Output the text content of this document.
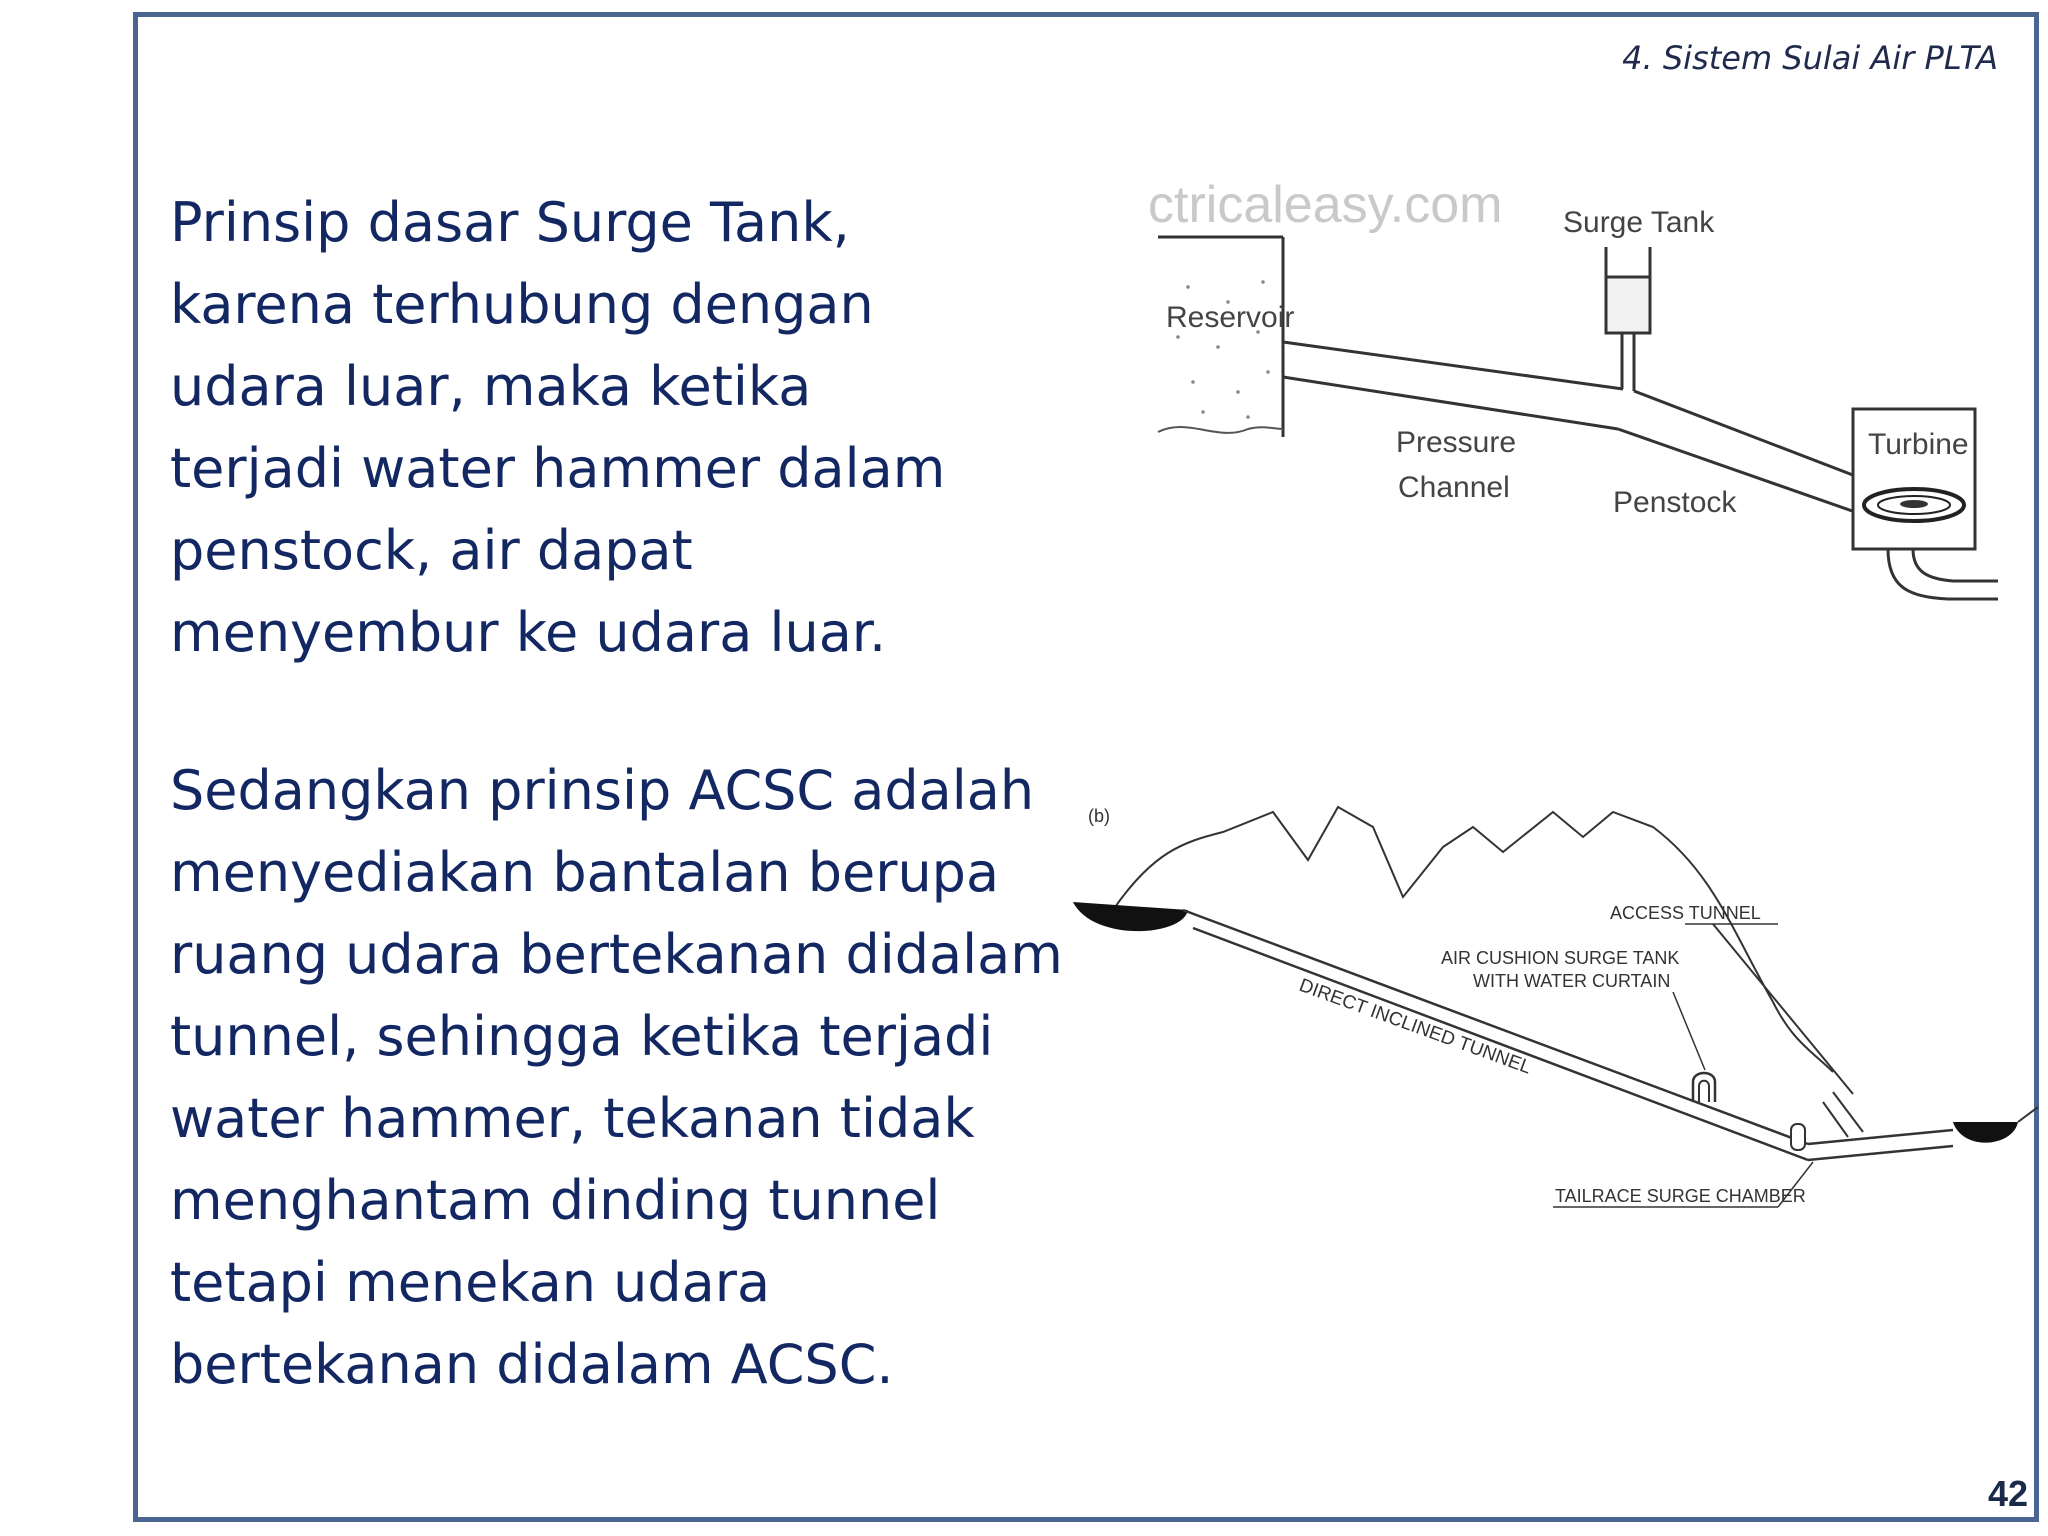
4. Sistem Sulai Air PLTA

Prinsip dasar Surge Tank,
karena terhubung dengan
udara luar, maka ketika
terjadi water hammer dalam
penstock, air dapat
menyembur ke udara luar.

Sedangkan prinsip ACSC adalah
menyediakan bantalan berupa
ruang udara bertekanan didalam
tunnel, sehingga ketika terjadi
water hammer, tekanan tidak
menghantam dinding tunnel
tetapi menekan udara
bertekanan didalam ACSC.

ctricaleasy.com
Reservoir
Surge Tank
Pressure
Channel	Penstock
Turbine
(b)
DIRECT INCLINED TUNNEL
ACCESS TUNNEL
TAILRACE SURGE CHAMBER
AIR CUSHION SURGE TANK
WITH WATER CURTAIN

42
